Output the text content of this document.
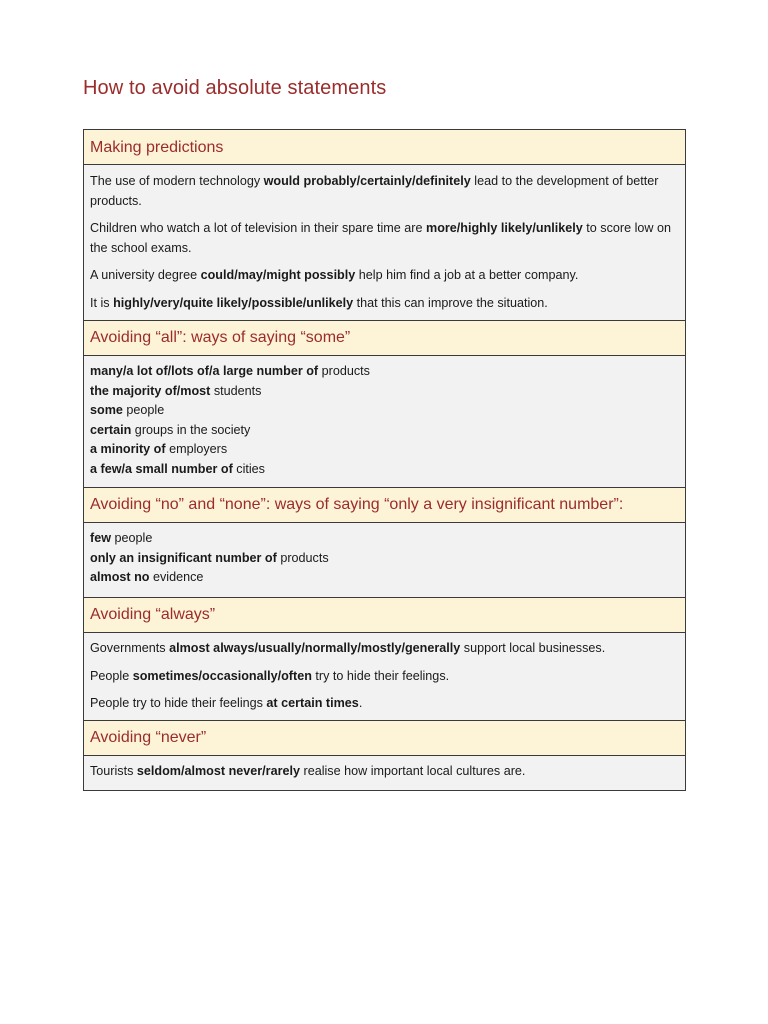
How to avoid absolute statements
Making predictions

The use of modern technology would probably/certainly/definitely lead to the development of better products.
Children who watch a lot of television in their spare time are more/highly likely/unlikely to score low on the school exams.
A university degree could/may/might possibly help him find a job at a better company.
It is highly/very/quite likely/possible/unlikely that this can improve the situation.

Avoiding “all”: ways of saying “some”

many/a lot of/lots of/a large number of products
the majority of/most students
some people
certain groups in the society
a minority of employers
a few/a small number of cities

Avoiding “no” and “none”: ways of saying “only a very insignificant number”:

few people
only an insignificant number of products
almost no evidence

Avoiding “always”

Governments almost always/usually/normally/mostly/generally support local businesses.
People sometimes/occasionally/often try to hide their feelings.
People try to hide their feelings at certain times.

Avoiding “never”

Tourists seldom/almost never/rarely realise how important local cultures are.
